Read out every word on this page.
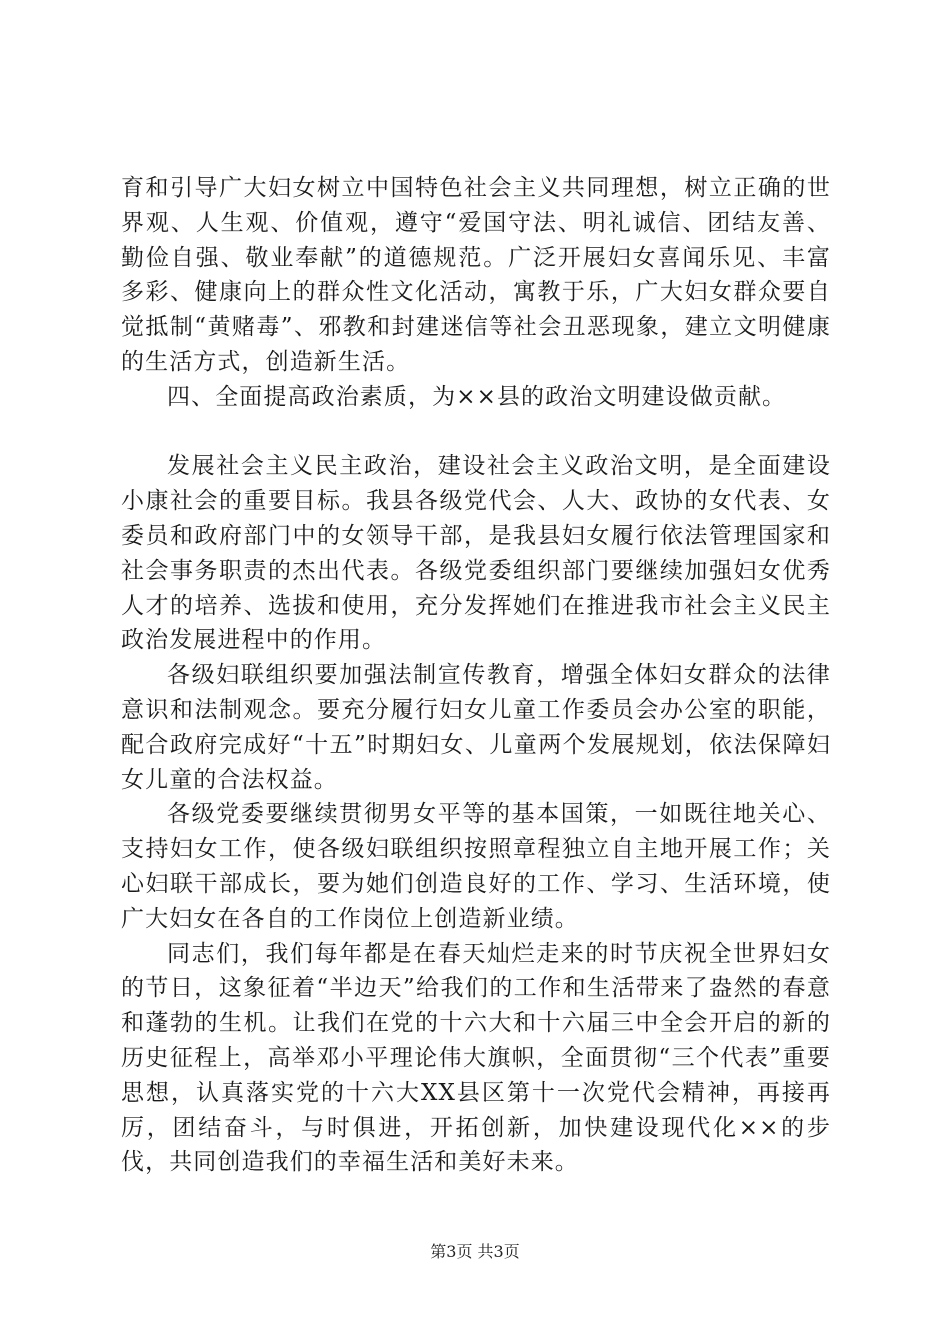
育和引导广大妇女树立中国特色社会主义共同理想，树立正确的世界观、人生观、价值观，遵守“爱国守法、明礼诚信、团结友善、勤俭自强、敬业奉献”的道德规范。广泛开展妇女喜闻乐见、丰富多彩、健康向上的群众性文化活动，寓教于乐，广大妇女群众要自觉抵制“黄赌毒”、邪教和封建迷信等社会丑恶现象，建立文明健康的生活方式，创造新生活。

四、全面提高政治素质，为××县的政治文明建设做贡献。

发展社会主义民主政治，建设社会主义政治文明，是全面建设小康社会的重要目标。我县各级党代会、人大、政协的女代表、女委员和政府部门中的女领导干部，是我县妇女履行依法管理国家和社会事务职责的杰出代表。各级党委组织部门要继续加强妇女优秀人才的培养、选拔和使用，充分发挥她们在推进我市社会主义民主政治发展进程中的作用。

各级妇联组织要加强法制宣传教育，增强全体妇女群众的法律意识和法制观念。要充分履行妇女儿童工作委员会办公室的职能，配合政府完成好“十五”时期妇女、儿童两个发展规划，依法保障妇女儿童的合法权益。

各级党委要继续贯彻男女平等的基本国策，一如既往地关心、支持妇女工作，使各级妇联组织按照章程独立自主地开展工作；关心妇联干部成长，要为她们创造良好的工作、学习、生活环境，使广大妇女在各自的工作岗位上创造新业绩。

同志们，我们每年都是在春天灿烂走来的时节庆祝全世界妇女的节日，这象征着“半边天”给我们的工作和生活带来了盎然的春意和蓬勃的生机。让我们在党的十六大和十六届三中全会开启的新的历史征程上，高举邓小平理论伟大旗帜，全面贯彻“三个代表”重要思想，认真落实党的十六大XX县区第十一次党代会精神，再接再厉，团结奋斗，与时俱进，开拓创新，加快建设现代化××的步伐，共同创造我们的幸福生活和美好未来。

第3页 共3页
